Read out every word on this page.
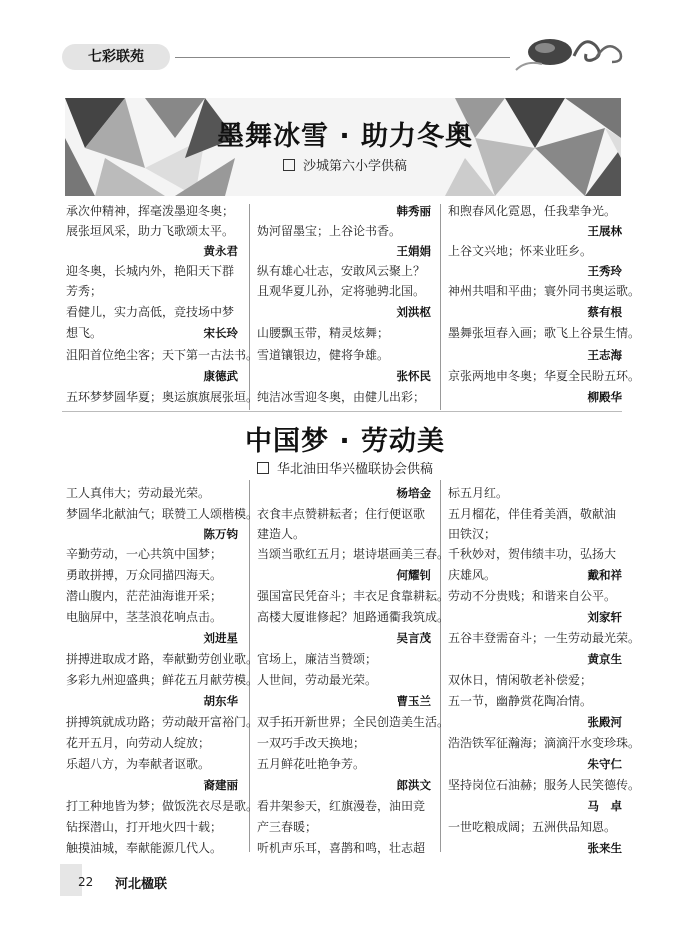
七彩联苑
墨舞冰雪 · 助力冬奥
沙城第六小学供稿
承次仲精神，挥毫泼墨迎冬奥；
展张垣风采，助力飞歌颂太平。
黄永君
迎冬奥，长城内外，艳阳天下群
芳秀；
看健儿，实力高低，竞技场中梦
想飞。	宋长玲
沮阳首位绝尘客；天下第一古法书。
康德武
五环梦梦圆华夏；奥运旗旗展张垣。
韩秀丽
妫河留墨宝；上谷论书香。
王娟娟
纵有雄心壮志，安敢风云聚上？
且观华夏儿孙，定将驰骋北国。
刘洪枢
山腰飘玉带，精灵炫舞；
雪道镶银边，健将争雄。
张怀民
纯洁冰雪迎冬奥，由健儿出彩；
和煦春风化霓恩，任我辈争光。
王展林
上谷文兴地；怀来业旺乡。
王秀玲
神州共唱和平曲；寰外同书奥运歌。
蔡有根
墨舞张垣春入画；歌飞上谷景生情。
王志海
京张两地申冬奥；华夏全民盼五环。
柳殿华
中国梦 · 劳动美
华北油田华兴楹联协会供稿
工人真伟大；劳动最光荣。
梦圆华北献油气；联赞工人颂楷模。
陈万钧
辛勤劳动，一心共筑中国梦；
勇敢拼搏，万众同描四海天。
潜山腹内，茫茫油海谁开采；
电脑屏中，茎茎浪花响点击。
刘进星
拼搏进取成才路，奉献勤劳创业歌。
多彩九州迎盛典；鲜花五月献劳模。
胡东华
拼搏筑就成功路；劳动敲开富裕门。
花开五月，向劳动人绽放；
乐超八方，为奉献者讴歌。
裔建丽
打工种地皆为梦；做饭洗衣尽是歌。
钻探潜山，打开地火四十载；
触摸油城，奉献能源几代人。
杨培金
衣食丰点赞耕耘者；住行便讴歌
建造人。
当颂当歌红五月；堪诗堪画美三春。
何耀钊
强国富民凭奋斗；丰衣足食靠耕耘。
高楼大厦谁修起？旭路通衢我筑成。
吴言茂
官场上，廉洁当赞颂；
人世间，劳动最光荣。
曹玉兰
双手拓开新世界；全民创造美生活。
一双巧手改天换地；
五月鲜花吐艳争芳。
郎洪文
看井架参天，红旗漫卷，油田竞
产三春暖；
听机声乐耳，喜鹊和鸣，壮志超
标五月红。
五月榴花，伴佳肴美酒，敬献油
田铁汉；
千秋妙对，贺伟绩丰功，弘扬大
庆雄风。	戴和祥
劳动不分贵贱；和谐来自公平。
刘家轩
五谷丰登需奋斗；一生劳动最光荣。
黄京生
双休日，情闲敬老补偿爱；
五一节，幽静赏花陶冶情。
张殿河
浩浩铁军征瀚海；滴滴汗水变珍珠。
朱守仁
坚持岗位石油赫；服务人民笑德传。
马　卓
一世吃粮成阔；五洲供品知恩。
张来生
22 河北楹联
